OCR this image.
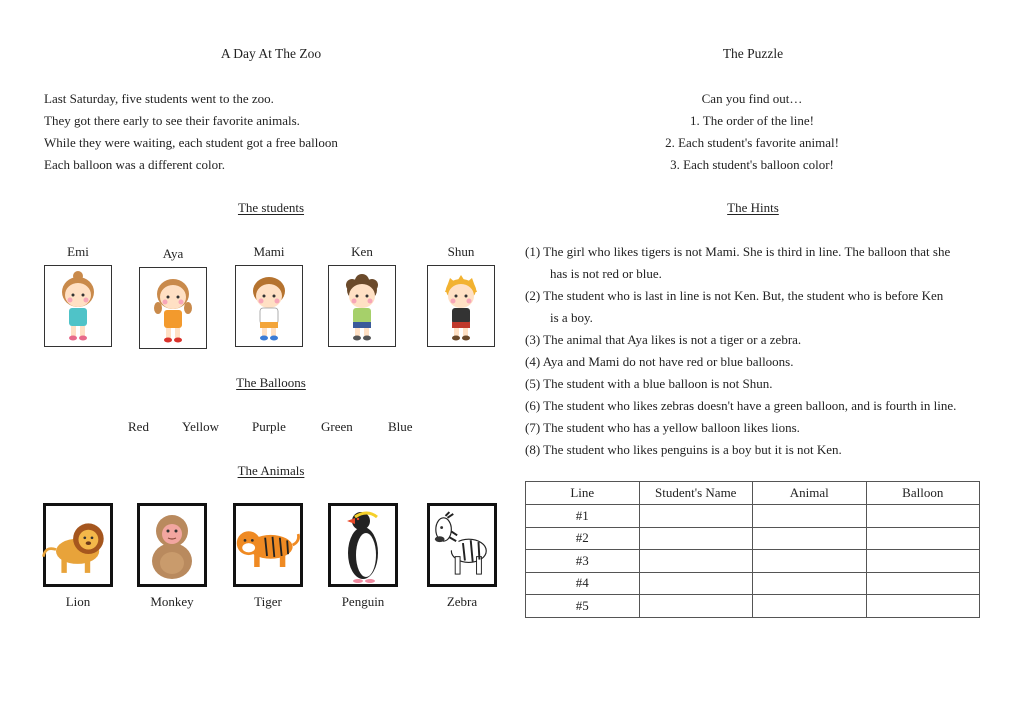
A Day At The Zoo
Last Saturday, five students went to the zoo.
They got there early to see their favorite animals.
While they were waiting, each student got a free balloon
Each balloon was a different color.
The students
Emi	Aya	Mami	Ken	Shun
The Balloons
Red	Yellow	Purple	Green	Blue
The Animals
Lion	Monkey	Tiger	Penguin	Zebra
The Puzzle
Can you find out…
1. The order of the line!
2. Each student's favorite animal!
3. Each student's balloon color!
The Hints
(1) The girl who likes tigers is not Mami. She is third in line. The balloon that she
has is not red or blue.
(2) The student who is last in line is not Ken. But, the student who is before Ken
is a boy.
(3) The animal that Aya likes is not a tiger or a zebra.
(4) Aya and Mami do not have red or blue balloons.
(5) The student with a blue balloon is not Shun.
(6) The student who likes zebras doesn't have a green balloon, and is fourth in line.
(7) The student who has a yellow balloon likes lions.
(8) The student who likes penguins is a boy but it is not Ken.
Line	Student's Name	Animal	Balloon
#1			
#2			
#3			
#4			
#5			
